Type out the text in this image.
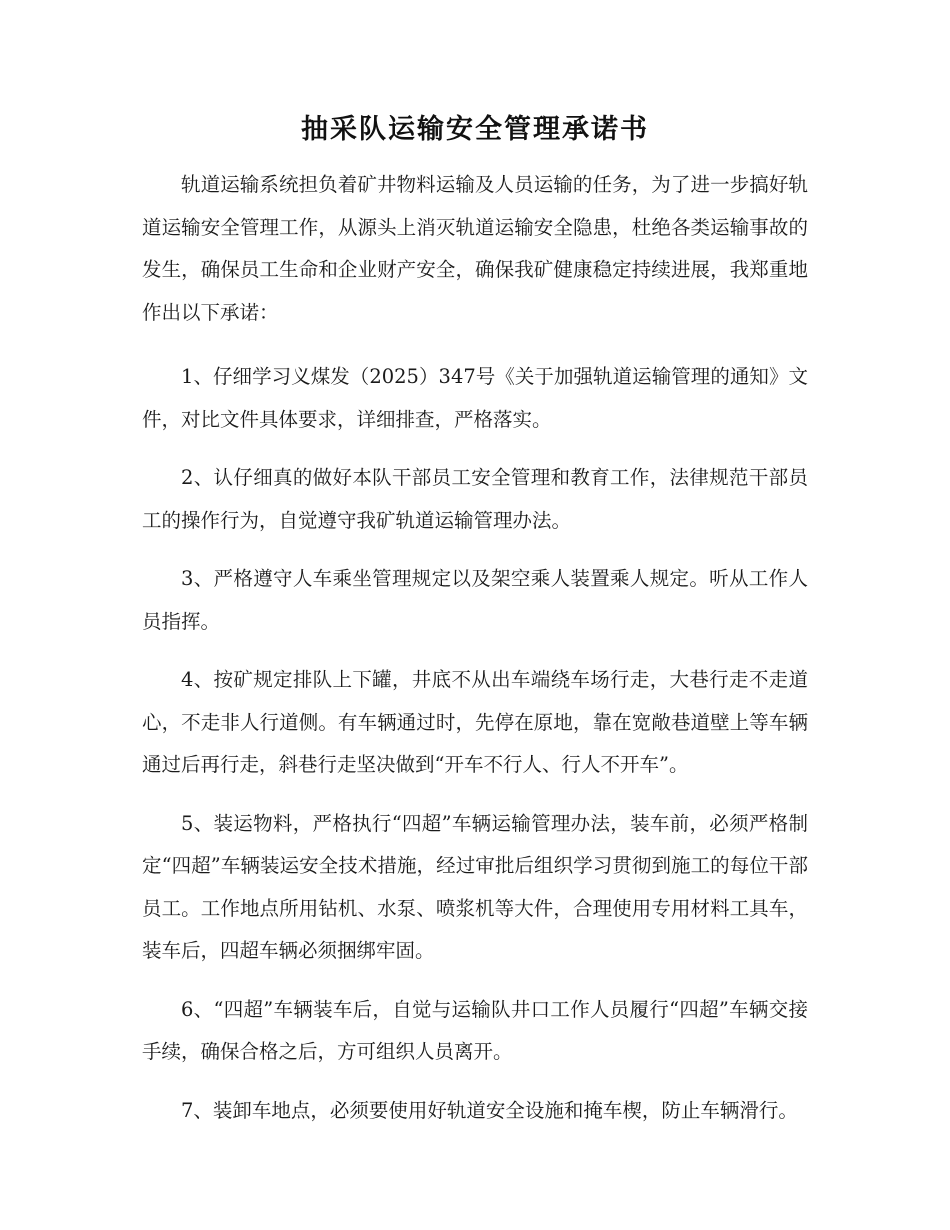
抽采队运输安全管理承诺书

轨道运输系统担负着矿井物料运输及人员运输的任务，为了进一步搞好轨道运输安全管理工作，从源头上消灭轨道运输安全隐患，杜绝各类运输事故的发生，确保员工生命和企业财产安全，确保我矿健康稳定持续进展，我郑重地作出以下承诺：

1、仔细学习义煤发（2025）347号《关于加强轨道运输管理的通知》文件，对比文件具体要求，详细排查，严格落实。

2、认仔细真的做好本队干部员工安全管理和教育工作，法律规范干部员工的操作行为，自觉遵守我矿轨道运输管理办法。

3、严格遵守人车乘坐管理规定以及架空乘人装置乘人规定。听从工作人员指挥。

4、按矿规定排队上下罐，井底不从出车端绕车场行走，大巷行走不走道心，不走非人行道侧。有车辆通过时，先停在原地，靠在宽敞巷道壁上等车辆通过后再行走，斜巷行走坚决做到“开车不行人、行人不开车”。

5、装运物料，严格执行“四超”车辆运输管理办法，装车前，必须严格制定“四超”车辆装运安全技术措施，经过审批后组织学习贯彻到施工的每位干部员工。工作地点所用钻机、水泵、喷浆机等大件，合理使用专用材料工具车，装车后，四超车辆必须捆绑牢固。

6、“四超”车辆装车后，自觉与运输队井口工作人员履行“四超”车辆交接手续，确保合格之后，方可组织人员离开。

7、装卸车地点，必须要使用好轨道安全设施和掩车楔，防止车辆滑行。
